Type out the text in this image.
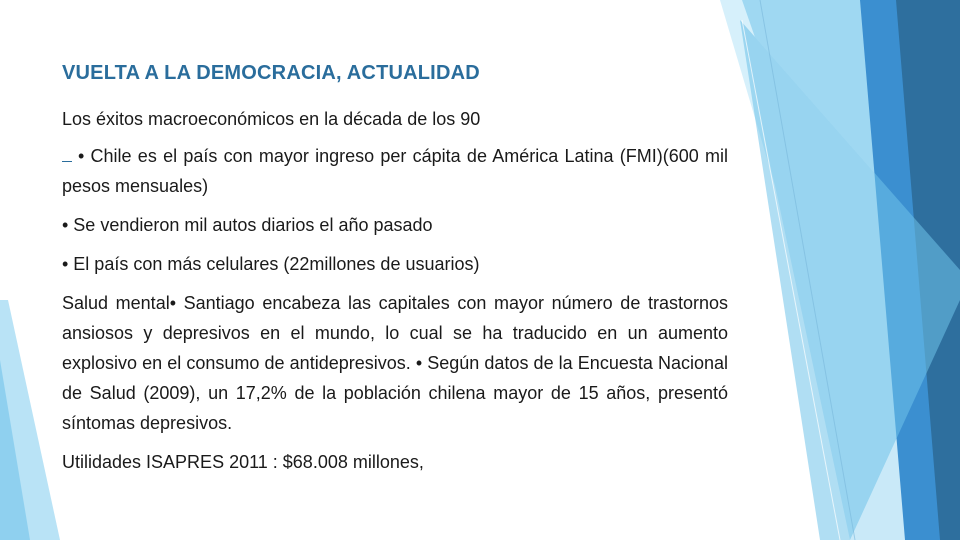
VUELTA A LA DEMOCRACIA, ACTUALIDAD

Los éxitos macroeconómicos en la década de los 90

• Chile es el país con mayor ingreso per cápita de América Latina (FMI)(600 mil pesos mensuales)

• Se vendieron mil autos diarios el año pasado

• El país con más celulares (22millones de usuarios)

Salud mental• Santiago encabeza las capitales con mayor número de trastornos ansiosos y depresivos en el mundo, lo cual se ha traducido en un aumento explosivo en el consumo de antidepresivos. • Según datos de la Encuesta Nacional de Salud (2009), un 17,2% de la población chilena mayor de 15 años, presentó síntomas depresivos.

Utilidades ISAPRES 2011 : $68.008 millones,
